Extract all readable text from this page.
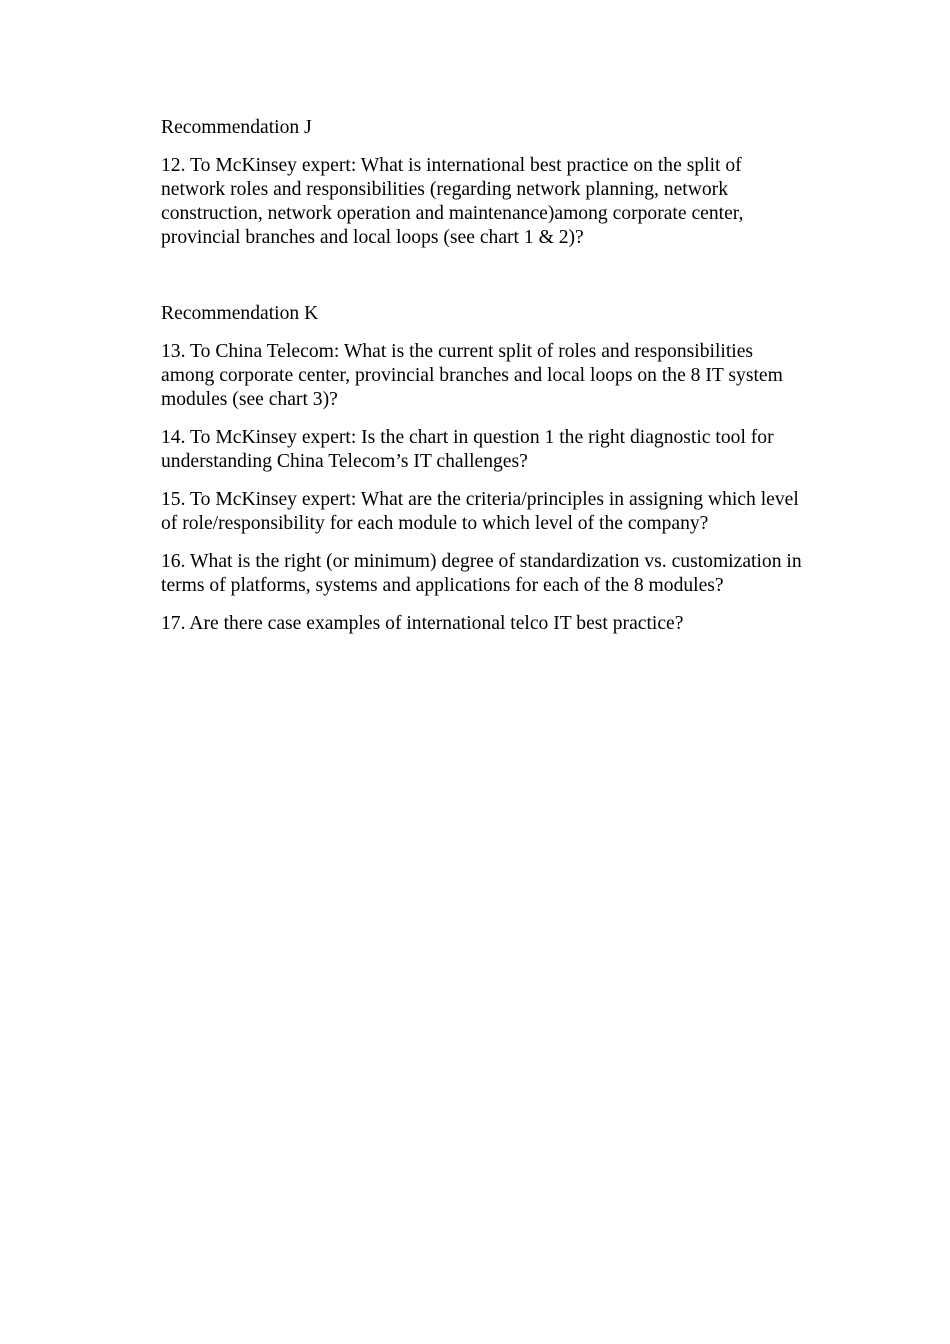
Recommendation J

12. To McKinsey expert: What is international best practice on the split of
network roles and responsibilities (regarding network planning, network
construction, network operation and maintenance)among corporate center,
provincial branches and local loops (see chart 1 & 2)?

Recommendation K

13. To China Telecom: What is the current split of roles and responsibilities
among corporate center, provincial branches and local loops on the 8 IT system
modules (see chart 3)?

14. To McKinsey expert: Is the chart in question 1 the right diagnostic tool for
understanding China Telecom’s IT challenges?

15. To McKinsey expert: What are the criteria/principles in assigning which level
of role/responsibility for each module to which level of the company?

16. What is the right (or minimum) degree of standardization vs. customization in
terms of platforms, systems and applications for each of the 8 modules?

17. Are there case examples of international telco IT best practice?
